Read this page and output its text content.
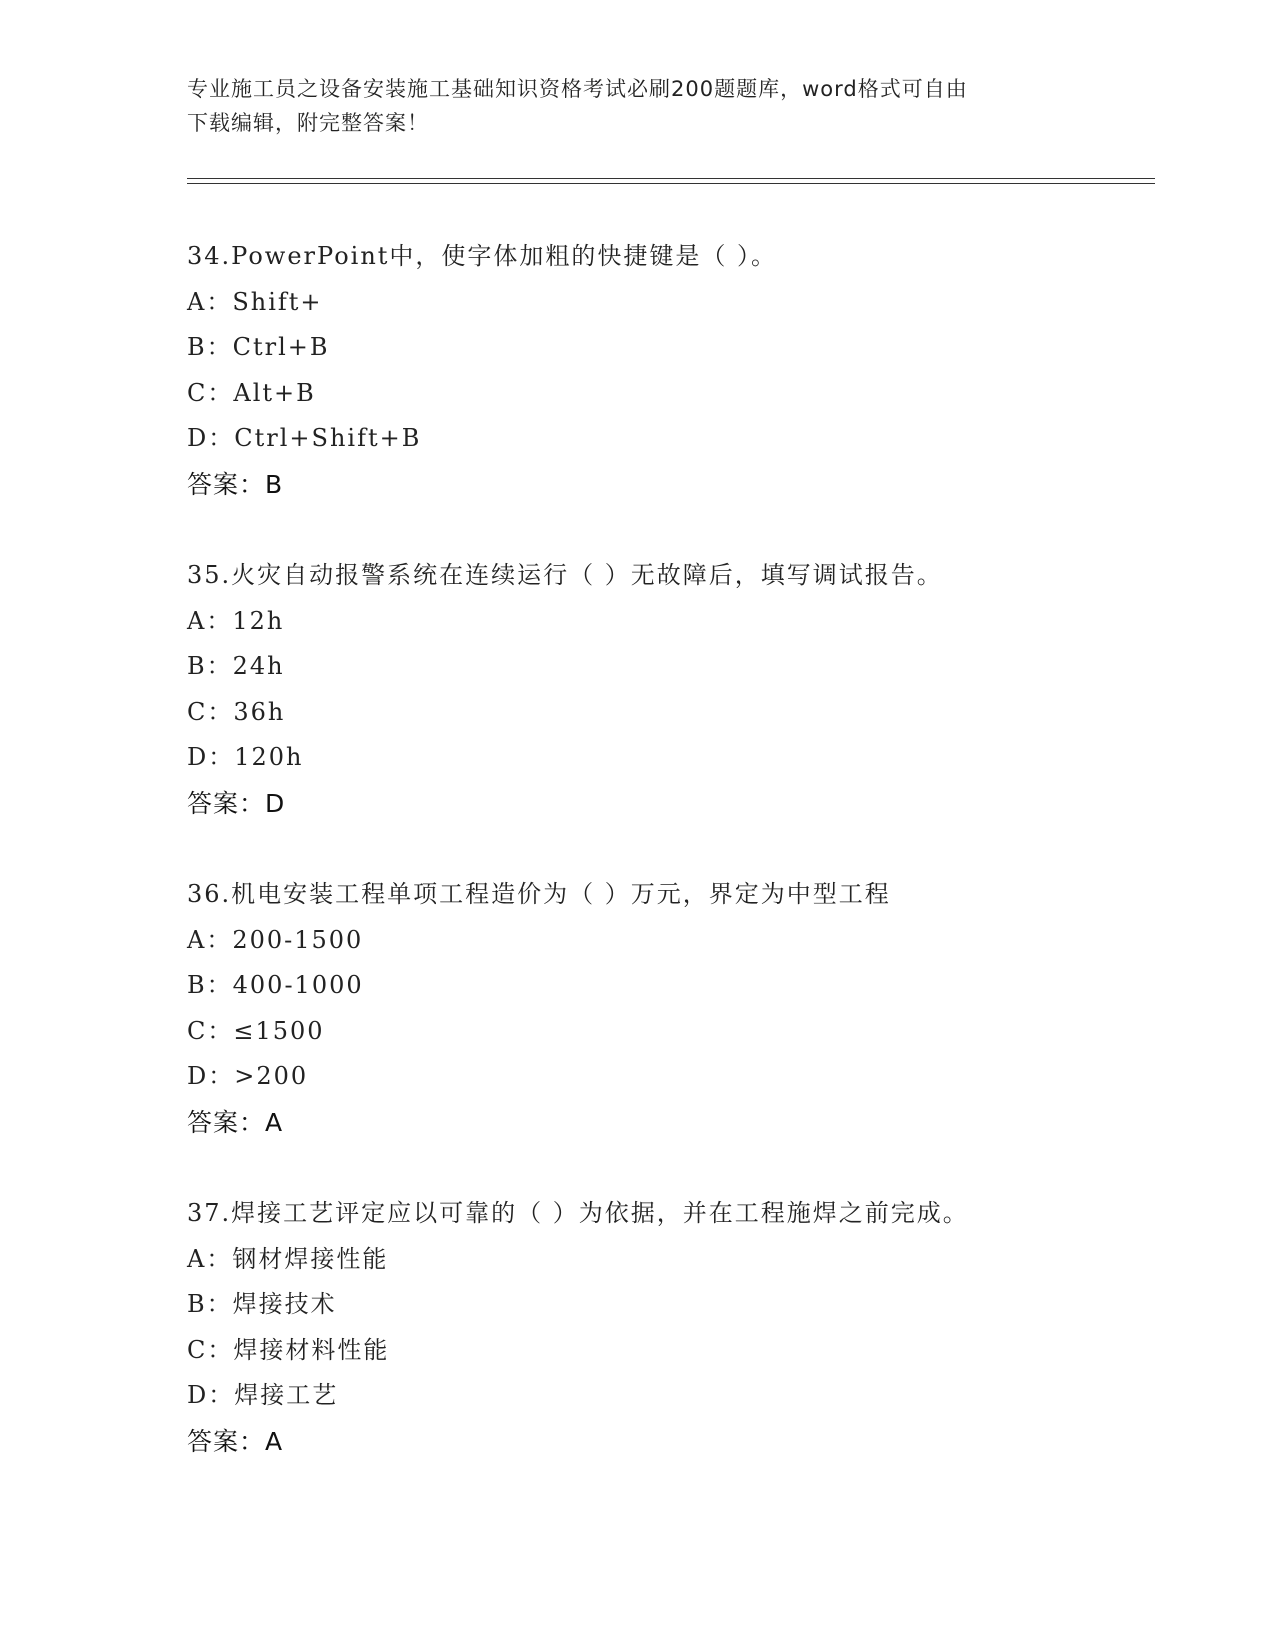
专业施工员之设备安装施工基础知识资格考试必刷200题题库，word格式可自由
下载编辑，附完整答案！
34.PowerPoint中，使字体加粗的快捷键是（ ）。
A：Shift+
B：Ctrl+B
C：Alt+B
D：Ctrl+Shift+B
答案：B
35.火灾自动报警系统在连续运行（ ）无故障后，填写调试报告。
A：12h
B：24h
C：36h
D：120h
答案：D
36.机电安装工程单项工程造价为（ ）万元，界定为中型工程
A：200-1500
B：400-1000
C：≤1500
D：>200
答案：A
37.焊接工艺评定应以可靠的（ ）为依据，并在工程施焊之前完成。
A：钢材焊接性能
B：焊接技术
C：焊接材料性能
D：焊接工艺
答案：A
